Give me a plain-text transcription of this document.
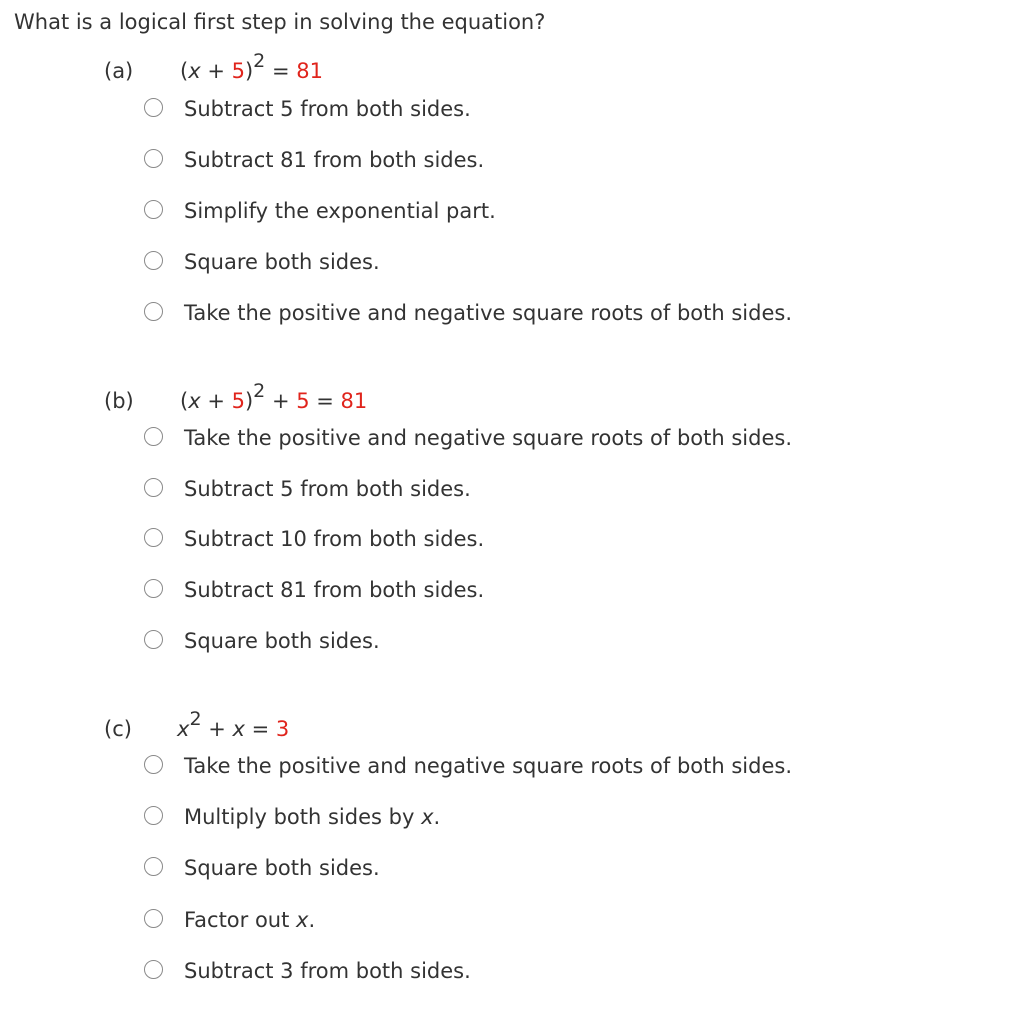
What is a logical first step in solving the equation?
(a) $(x + 5)^2 = 81$
Subtract 5 from both sides.
Subtract 81 from both sides.
Simplify the exponential part.
Square both sides.
Take the positive and negative square roots of both sides.
(b) $(x + 5)^2 + 5 = 81$
Take the positive and negative square roots of both sides.
Subtract 5 from both sides.
Subtract 10 from both sides.
Subtract 81 from both sides.
Square both sides.
(c) $x^2 + x = 3$
Take the positive and negative square roots of both sides.
Multiply both sides by x.
Square both sides.
Factor out x.
Subtract 3 from both sides.
